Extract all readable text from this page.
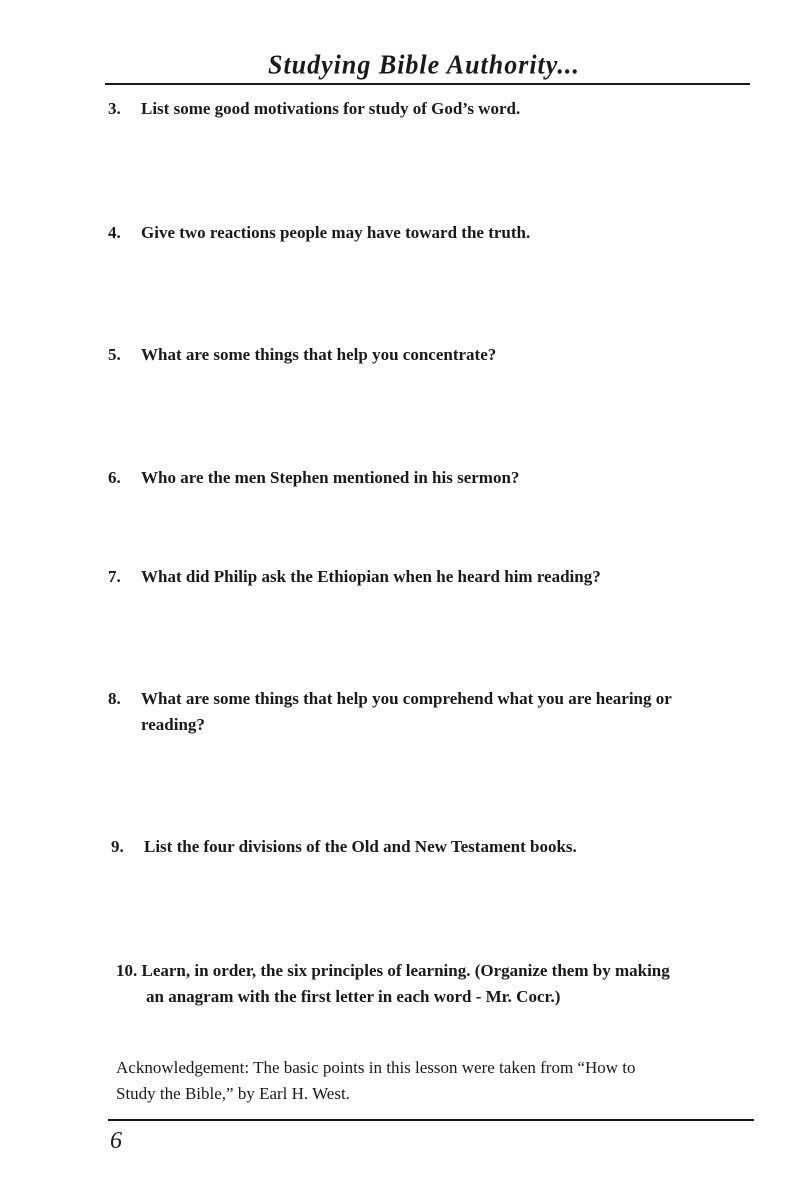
Studying Bible Authority...
3. List some good motivations for study of God’s word.
4. Give two reactions people may have toward the truth.
5. What are some things that help you concentrate?
6. Who are the men Stephen mentioned in his sermon?
7. What did Philip ask the Ethiopian when he heard him reading?
8. What are some things that help you comprehend what you are hearing or
reading?
9. List the four divisions of the Old and New Testament books.
10. Learn, in order, the six principles of learning. (Organize them by making
an anagram with the first letter in each word - Mr. Cocr.)
Acknowledgement: The basic points in this lesson were taken from “How to
Study the Bible,” by Earl H. West.
6
